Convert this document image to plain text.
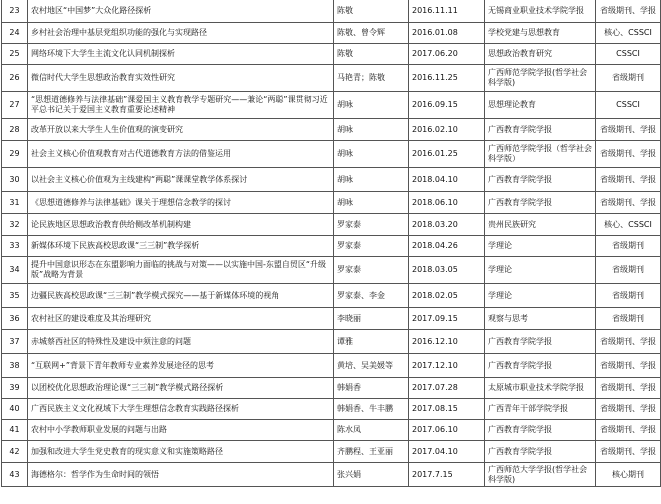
23	农村地区“中国梦”大众化路径探析	陈敬	2016.11.11	无锡商业职业技术学院学报	省级期刊、学报
24	乡村社会治理中基层党组织功能的强化与实现路径	陈敬、曾令辉	2016.01.08	学校党建与思想教育	核心、CSSCI
25	网络环境下大学生主流文化认同机制探析	陈敬	2017.06.20	思想政治教育研究	CSSCI
26	微信时代大学生思想政治教育实效性研究	马艳青；陈敬	2016.11.25	广西师范学院学报(哲学社会科学版)	省级期刊
27	“思想道德修养与法律基础”课爱国主义教育教学专题研究——兼论“两聪”课贯彻习近平总书记关于爱国主义教育重要论述精神	胡咏	2016.09.15	思想理论教育	CSSCI
28	改革开放以来大学生人生价值观的演变研究	胡咏	2016.02.10	广西教育学院学报	省级期刊、学报
29	社会主义核心价值观教育对古代道德教育方法的借鉴运用	胡咏	2016.01.25	广西师范学院学报（哲学社会科学版）	省级期刊、学报
30	以社会主义核心价值观为主线建构“两聪”课课堂教学体系探讨	胡咏	2018.04.10	广西教育学院学报	省级期刊、学报
31	《思想道德修养与法律基础》课关于理想信念教学的探讨	胡咏	2018.06.10	广西教育学院学报	省级期刊、学报
32	论民族地区思想政治教育供给侧改革机制构建	罗家泰	2018.03.20	贵州民族研究	核心、CSSCI
33	新媒体环境下民族高校思政课“三三制”教学探析	罗家泰	2018.04.26	学理论	省级期刊
34	提升中国意识形态在东盟影响力面临的挑战与对策——以实施中国-东盟自贸区“升级版”战略为背景	罗家泰	2018.03.05	学理论	省级期刊
35	边疆民族高校思政课“三三制”教学模式探究——基于新媒体环境的视角	罗家泰、李金	2018.02.05	学理论	省级期刊
36	农村社区的建设难度及其治理研究	李晓丽	2017.09.15	观察与思考	省级期刊
37	赤城蔡西社区的特殊性及建设中须注意的问题	谭雅	2016.12.10	广西教育学院学报	省级期刊、学报
38	“互联网+”背景下青年教师专业素养发展途径的思考	黄培、吴美媛等	2017.12.10	广西教育学院学报	省级期刊、学报
39	以团校优化思想政治理论课“三三制”教学模式路径探析	韩娟香	2017.07.28	太原城市职业技术学院学报	省级期刊、学报
40	广西民族主义文化视域下大学生理想信念教育实践路径探析	韩娟香、牛丰鹏	2017.08.15	广西青年干部学院学报	省级期刊、学报
41	农村中小学教师职业发展的问题与出路	陈水凤	2017.06.10	广西教育学院学报	省级期刊、学报
42	加强和改进大学生党史教育的现实意义和实施策略路径	齐鹏程、王亚丽	2017.04.10	广西教育学院学报	省级期刊、学报
43	海德格尔：哲学作为生命时间的领悟	张兴娟	2017.7.15	广西师范大学学报(哲学社会科学版)	核心期刊
